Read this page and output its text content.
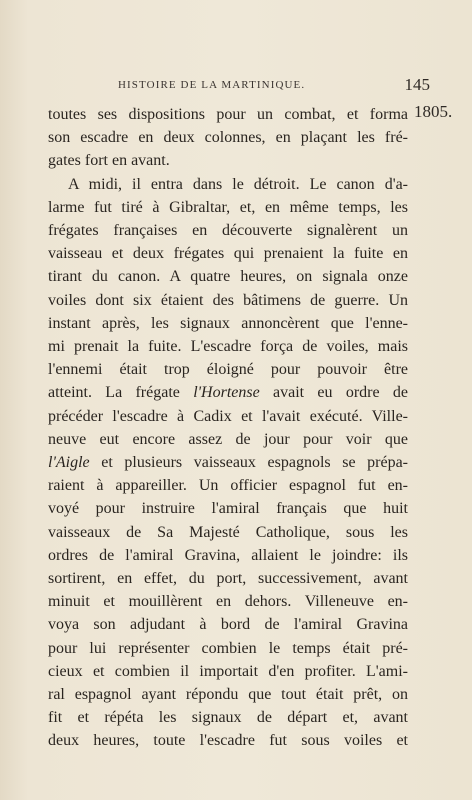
HISTOIRE DE LA MARTINIQUE.	145
1805.
toutes ses dispositions pour un combat, et forma
son escadre en deux colonnes, en plaçant les fré-
gates fort en avant.
A midi, il entra dans le détroit. Le canon d'a-
larme fut tiré à Gibraltar, et, en même temps, les
frégates françaises en découverte signalèrent un
vaisseau et deux frégates qui prenaient la fuite en
tirant du canon. A quatre heures, on signala onze
voiles dont six étaient des bâtimens de guerre. Un
instant après, les signaux annoncèrent que l'enne-
mi prenait la fuite. L'escadre força de voiles, mais
l'ennemi était trop éloigné pour pouvoir être
atteint. La frégate l'Hortense avait eu ordre de
précéder l'escadre à Cadix et l'avait exécuté. Ville-
neuve eut encore assez de jour pour voir que
l'Aigle et plusieurs vaisseaux espagnols se prépa-
raient à appareiller. Un officier espagnol fut en-
voyé pour instruire l'amiral français que huit
vaisseaux de Sa Majesté Catholique, sous les
ordres de l'amiral Gravina, allaient le joindre: ils
sortirent, en effet, du port, successivement, avant
minuit et mouillèrent en dehors. Villeneuve en-
voya son adjudant à bord de l'amiral Gravina
pour lui représenter combien le temps était pré-
cieux et combien il importait d'en profiter. L'ami-
ral espagnol ayant répondu que tout était prêt, on
fit et répéta les signaux de départ et, avant
deux heures, toute l'escadre fut sous voiles et
